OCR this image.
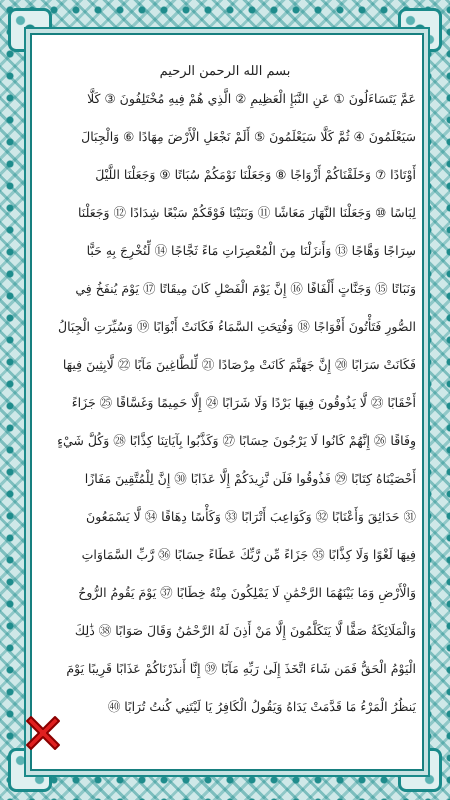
بسم الله الرحمن الرحيم
عَمَّ يَتَسَاءَلُونَ ① عَنِ النَّبَإِ الْعَظِيمِ ② الَّذِي هُمْ فِيهِ مُخْتَلِفُونَ ③ كَلَّا
سَيَعْلَمُونَ ④ ثُمَّ كَلَّا سَيَعْلَمُونَ ⑤ أَلَمْ نَجْعَلِ الْأَرْضَ مِهَادًا ⑥ وَالْجِبَالَ
أَوْتَادًا ⑦ وَخَلَقْنَاكُمْ أَزْوَاجًا ⑧ وَجَعَلْنَا نَوْمَكُمْ سُبَاتًا ⑨ وَجَعَلْنَا اللَّيْلَ
لِبَاسًا ⑩ وَجَعَلْنَا النَّهَارَ مَعَاشًا ⑪ وَبَنَيْنَا فَوْقَكُمْ سَبْعًا شِدَادًا ⑫ وَجَعَلْنَا
سِرَاجًا وَهَّاجًا ⑬ وَأَنزَلْنَا مِنَ الْمُعْصِرَاتِ مَاءً ثَجَّاجًا ⑭ لِّنُخْرِجَ بِهِ حَبًّا
وَنَبَاتًا ⑮ وَجَنَّاتٍ أَلْفَافًا ⑯ إِنَّ يَوْمَ الْفَصْلِ كَانَ مِيقَاتًا ⑰ يَوْمَ يُنفَخُ فِي
الصُّورِ فَتَأْتُونَ أَفْوَاجًا ⑱ وَفُتِحَتِ السَّمَاءُ فَكَانَتْ أَبْوَابًا ⑲ وَسُيِّرَتِ الْجِبَالُ
فَكَانَتْ سَرَابًا ⑳ إِنَّ جَهَنَّمَ كَانَتْ مِرْصَادًا ㉑ لِّلطَّاغِينَ مَآبًا ㉒ لَّابِثِينَ فِيهَا
أَحْقَابًا ㉓ لَّا يَذُوقُونَ فِيهَا بَرْدًا وَلَا شَرَابًا ㉔ إِلَّا حَمِيمًا وَغَسَّاقًا ㉕ جَزَاءً
وِفَاقًا ㉖ إِنَّهُمْ كَانُوا لَا يَرْجُونَ حِسَابًا ㉗ وَكَذَّبُوا بِآيَاتِنَا كِذَّابًا ㉘ وَكُلَّ شَيْءٍ
أَحْصَيْنَاهُ كِتَابًا ㉙ فَذُوقُوا فَلَن نَّزِيدَكُمْ إِلَّا عَذَابًا ㉚ إِنَّ لِلْمُتَّقِينَ مَفَازًا
㉛ حَدَائِقَ وَأَعْنَابًا ㉜ وَكَوَاعِبَ أَتْرَابًا ㉝ وَكَأْسًا دِهَاقًا ㉞ لَّا يَسْمَعُونَ
فِيهَا لَغْوًا وَلَا كِذَّابًا ㉟ جَزَاءً مِّن رَّبِّكَ عَطَاءً حِسَابًا ㊱ رَّبِّ السَّمَاوَاتِ
وَالْأَرْضِ وَمَا بَيْنَهُمَا الرَّحْمَٰنِ لَا يَمْلِكُونَ مِنْهُ خِطَابًا ㊲ يَوْمَ يَقُومُ الرُّوحُ
وَالْمَلَائِكَةُ صَفًّا لَّا يَتَكَلَّمُونَ إِلَّا مَنْ أَذِنَ لَهُ الرَّحْمَٰنُ وَقَالَ صَوَابًا ㊳ ذَٰلِكَ
الْيَوْمُ الْحَقُّ فَمَن شَاءَ اتَّخَذَ إِلَىٰ رَبِّهِ مَآبًا ㊴ إِنَّا أَنذَرْنَاكُمْ عَذَابًا قَرِيبًا يَوْمَ
يَنظُرُ الْمَرْءُ مَا قَدَّمَتْ يَدَاهُ وَيَقُولُ الْكَافِرُ يَا لَيْتَنِي كُنتُ تُرَابًا ㊵
